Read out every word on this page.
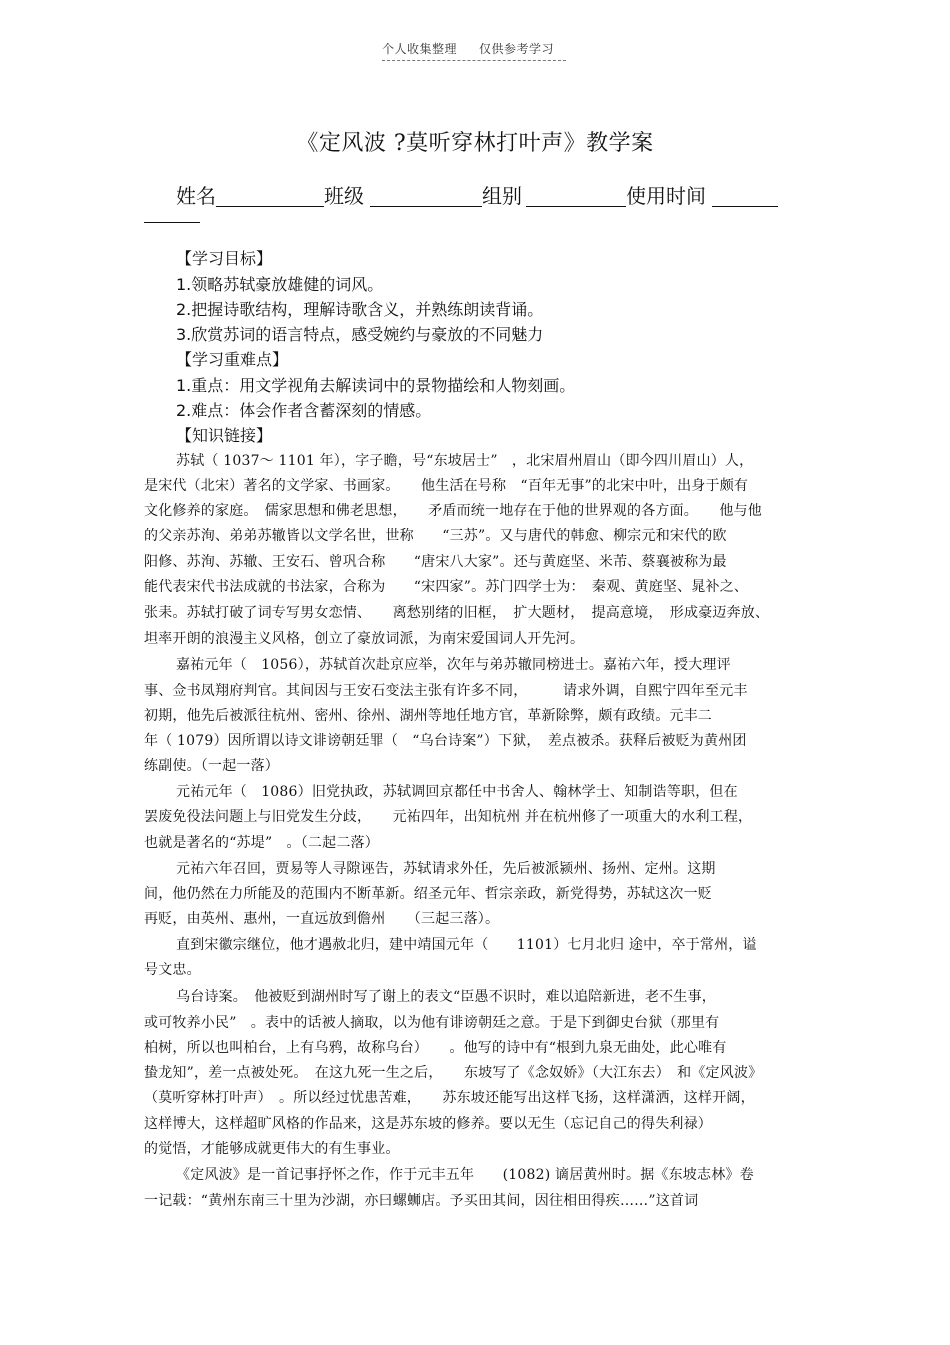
个人收集整理 仅供参考学习
《定风波 ?莫听穿林打叶声》教学案
姓名	班级	组别	使用时间
【学习目标】
1.领略苏轼豪放雄健的词风。
2.把握诗歌结构，理解诗歌含义，并熟练朗读背诵。
3.欣赏苏词的语言特点，感受婉约与豪放的不同魅力
【学习重难点】
1.重点：用文学视角去解读词中的景物描绘和人物刻画。
2.难点：体会作者含蓄深刻的情感。
【知识链接】
苏轼（ 1037～ 1101 年），字子瞻，号“东坡居士”　，北宋眉州眉山（即今四川眉山）人，
是宋代（北宋）著名的文学家、书画家。　　他生活在号称　“百年无事”的北宋中叶，出身于颇有
文化修养的家庭。　儒家思想和佛老思想，　　矛盾而统一地存在于他的世界观的各方面。　　他与他
的父亲苏洵、弟弟苏辙皆以文学名世，世称　　“三苏”。又与唐代的韩愈、柳宗元和宋代的欧
阳修、苏洵、苏辙、王安石、曾巩合称　　“唐宋八大家”。还与黄庭坚、米芾、蔡襄被称为最
能代表宋代书法成就的书法家，合称为　　“宋四家”。苏门四学士为：　秦观、黄庭坚、晁补之、
张耒。苏轼打破了词专写男女恋情、　　离愁别绪的旧框，　扩大题材，　提高意境，　形成豪迈奔放、
坦率开朗的浪漫主义风格，创立了豪放词派，为南宋爱国词人开先河。
嘉祐元年（　1056），苏轼首次赴京应举，次年与弟苏辙同榜进士。嘉祐六年，授大理评
事、佥书凤翔府判官。其间因与王安石变法主张有许多不同，　　　请求外调，自熙宁四年至元丰
初期，他先后被派往杭州、密州、徐州、湖州等地任地方官，革新除弊，颇有政绩。元丰二
年（ 1079）因所谓以诗文诽谤朝廷罪（　“乌台诗案”）下狱，　差点被杀。获释后被贬为黄州团
练副使。（一起一落）
元祐元年（　1086）旧党执政，苏轼调回京都任中书舍人、翰林学士、知制诰等职，但在
罢废免役法问题上与旧党发生分歧，　　元祐四年，出知杭州 并在杭州修了一项重大的水利工程，
也就是著名的“苏堤”　。（二起二落）
元祐六年召回，贾易等人寻隙诬告，苏轼请求外任，先后被派颍州、扬州、定州。这期
间，他仍然在力所能及的范围内不断革新。绍圣元年、哲宗亲政，新党得势，苏轼这次一贬
再贬，由英州、惠州，一直远放到儋州　　（三起三落）。
直到宋徽宗继位，他才遇赦北归，建中靖国元年（　　1101）七月北归 途中，卒于常州，谥
号文忠。
乌台诗案。　他被贬到湖州时写了谢上的表文“臣愚不识时，难以追陪新进，老不生事，
或可牧养小民”　。表中的话被人摘取，以为他有诽谤朝廷之意。于是下到御史台狱（那里有
柏树，所以也叫柏台，上有乌鸦，故称乌台）　　。他写的诗中有“根到九泉无曲处，此心唯有
蛰龙知”，差一点被处死。　在这九死一生之后，　　东坡写了《念奴娇》（大江东去）　和《定风波》
（莫听穿林打叶声）　。所以经过忧患苦难，　　苏东坡还能写出这样飞扬，这样潇洒，这样开阔，
这样博大，这样超旷风格的作品来，这是苏东坡的修养。要以无生（忘记自己的得失利禄）
的觉悟，才能够成就更伟大的有生事业。
《定风波》是一首记事抒怀之作，作于元丰五年　　(1082) 谪居黄州时。据《东坡志林》卷
一记载：“黄州东南三十里为沙湖，亦曰螺蛳店。予买田其间，因往相田得疾……”这首词
